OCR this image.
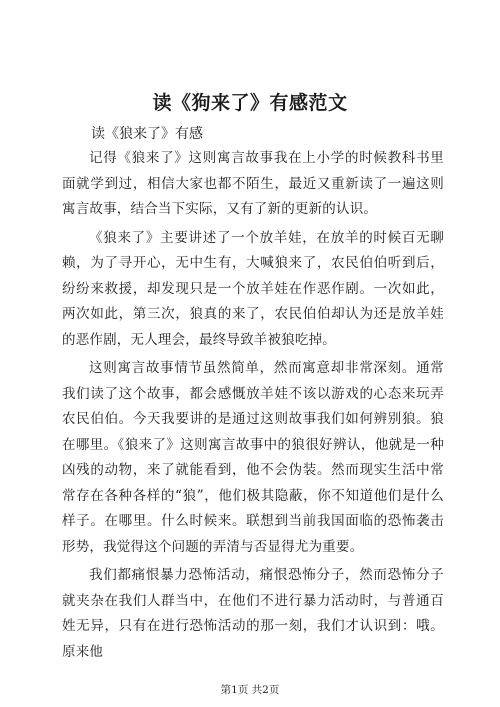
读《狗来了》有感范文
读《狼来了》有感

记得《狼来了》这则寓言故事我在上小学的时候教科书里面就学到过，相信大家也都不陌生，最近又重新读了一遍这则寓言故事，结合当下实际，又有了新的更新的认识。

《狼来了》主要讲述了一个放羊娃，在放羊的时候百无聊赖，为了寻开心，无中生有，大喊狼来了，农民伯伯听到后，纷纷来救援，却发现只是一个放羊娃在作恶作剧。一次如此，两次如此，第三次，狼真的来了，农民伯伯却认为还是放羊娃的恶作剧，无人理会，最终导致羊被狼吃掉。

这则寓言故事情节虽然简单，然而寓意却非常深刻。通常我们读了这个故事，都会感慨放羊娃不该以游戏的心态来玩弄农民伯伯。今天我要讲的是通过这则故事我们如何辨别狼。狼在哪里。《狼来了》这则寓言故事中的狼很好辨认，他就是一种凶残的动物，来了就能看到，他不会伪装。然而现实生活中常常存在各种各样的“狼”，他们极其隐蔽，你不知道他们是什么样子。在哪里。什么时候来。联想到当前我国面临的恐怖袭击形势，我觉得这个问题的弄清与否显得尤为重要。

我们都痛恨暴力恐怖活动，痛恨恐怖分子，然而恐怖分子就夹杂在我们人群当中，在他们不进行暴力活动时，与普通百姓无异，只有在进行恐怖活动的那一刻，我们才认识到：哦。原来他

第1页 共2页
